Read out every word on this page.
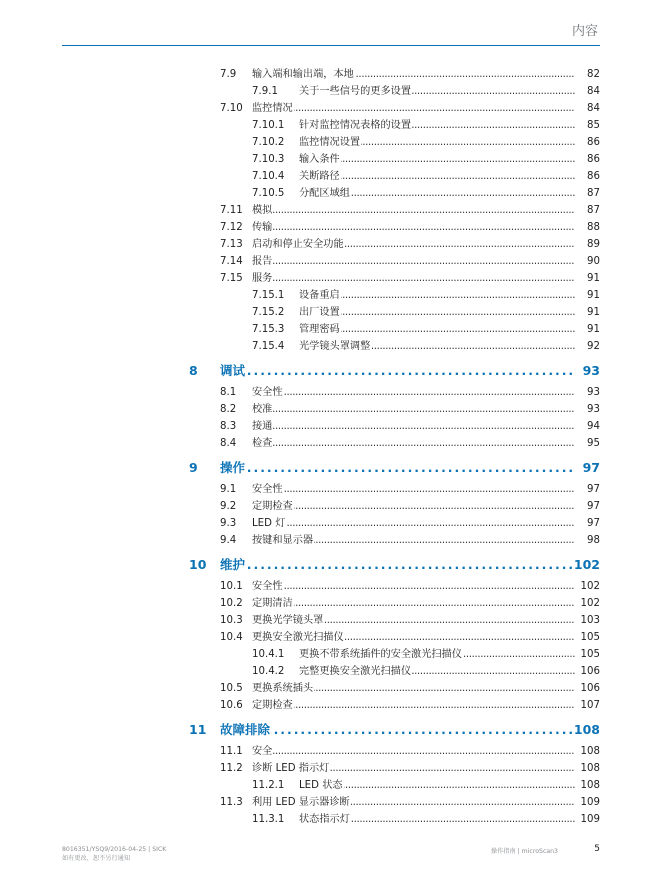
内容
7.9 输入端和输出端，本地 . . .	82
7.9.1 关于一些信号的更多设置 . . .	84
7.10 监控情况 . . .	84
7.10.1 针对监控情况表格的设置 . . .	85
7.10.2 监控情况设置 . . .	86
7.10.3 输入条件 . . .	86
7.10.4 关断路径 . . .	86
7.10.5 分配区域组 . . .	87
7.11 模拟 . . .	87
7.12 传输 . . .	88
7.13 启动和停止安全功能 . . .	89
7.14 报告 . . .	90
7.15 服务 . . .	91
7.15.1 设备重启 . . .	91
7.15.2 出厂设置 . . .	91
7.15.3 管理密码 . . .	91
7.15.4 光学镜头罩调整 . . .	92
8 调试 . . .	93
8.1 安全性 . . .	93
8.2 校准 . . .	93
8.3 接通 . . .	94
8.4 检查 . . .	95
9 操作 . . .	97
9.1 安全性 . . .	97
9.2 定期检查 . . .	97
9.3 LED 灯 . . .	97
9.4 按键和显示器 . . .	98
10 维护 . . .	102
10.1 安全性 . . .	102
10.2 定期清洁 . . .	102
10.3 更换光学镜头罩 . . .	103
10.4 更换安全激光扫描仪 . . .	105
10.4.1 更换不带系统插件的安全激光扫描仪 . . .	105
10.4.2 完整更换安全激光扫描仪 . . .	106
10.5 更换系统插头 . . .	106
10.6 定期检查 . . .	107
11 故障排除 . . .	108
11.1 安全 . . .	108
11.2 诊断 LED 指示灯 . . .	108
11.2.1 LED 状态 . . .	108
11.3 利用 LED 显示器诊断 . . .	109
11.3.1 状态指示灯 . . .	109
8016351/YSQ9/2016-04-25 | SICK
如有更改，恕不另行通知
操作指南 | microScan3	5
